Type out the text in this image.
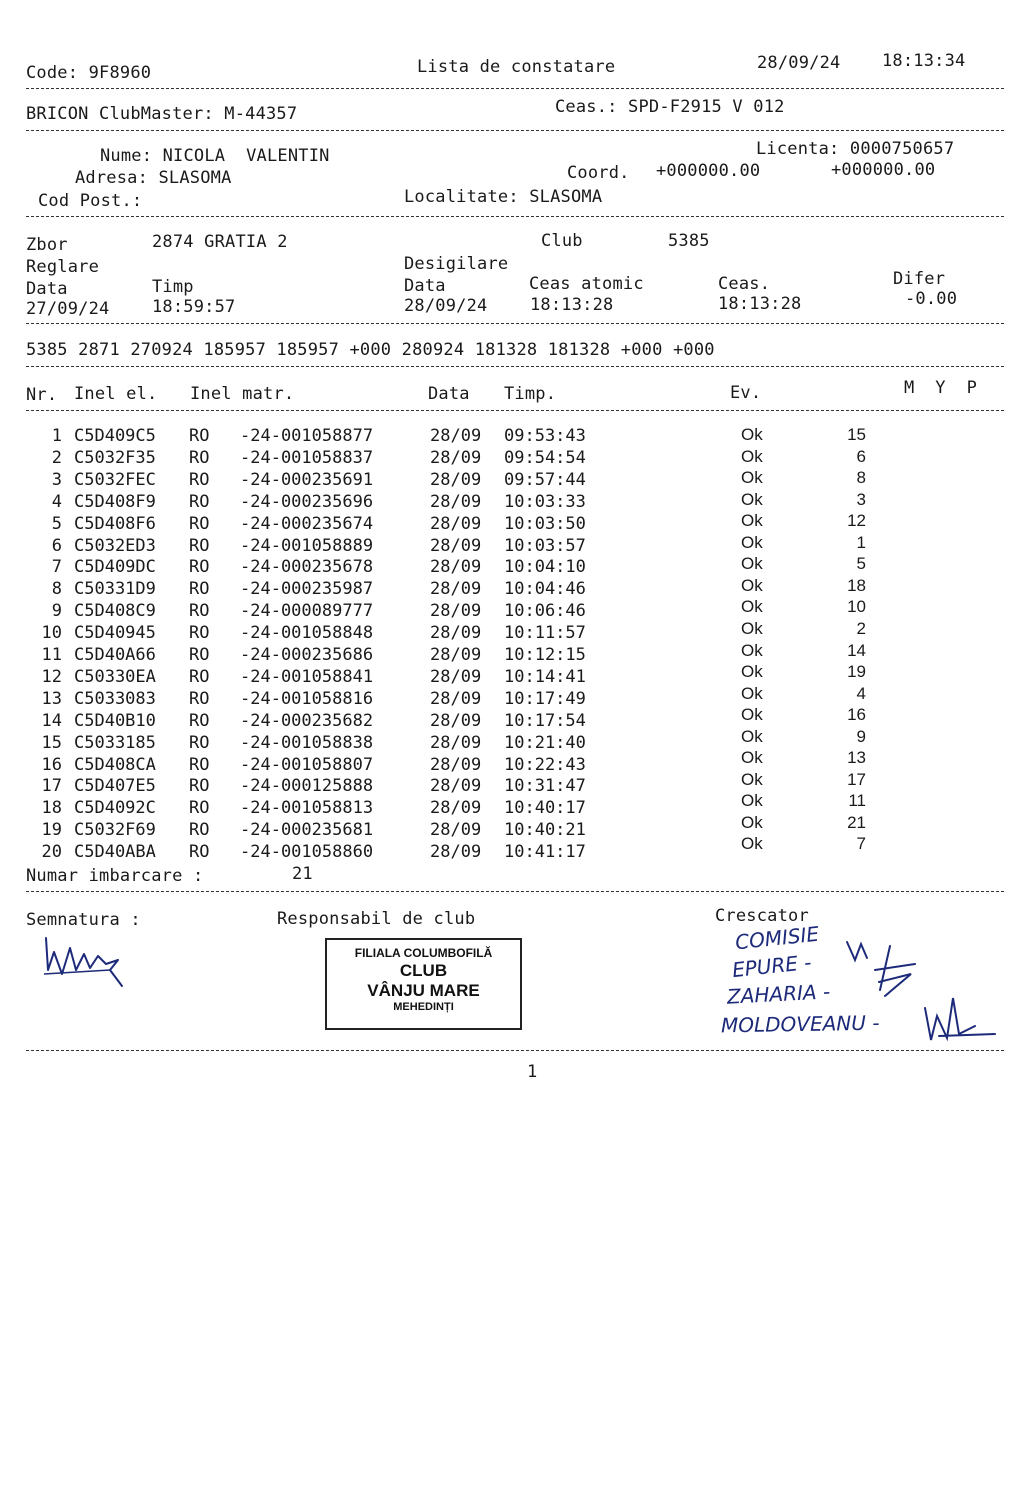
Code: 9F8960	Lista de constatare	28/09/24 18:13:34
BRICON ClubMaster: M-44357	Ceas.: SPD-F2915 V 012
Nume: NICOLA  VALENTIN	Licenta: 0000750657
Adresa: SLASOMA	Coord. +000000.00	+000000.00
Cod Post.:	Localitate: SLASOMA
Zbor	2874 GRATIA 2	Club	5385
Reglare	Desigilare
Data	Timp	Data	Ceas atomic	Ceas.	Difer
27/09/24	18:59:57	28/09/24	18:13:28	18:13:28	-0.00
5385 2871 270924 185957 185957 +000 280924 181328 181328 +000 +000
Nr. Inel el. Inel matr.	Data Timp.	Ev.	M  Y  P
1 C5D409C5 RO -24-001058877	28/09 09:53:43	Ok	15
2 C5032F35 RO -24-001058837	28/09 09:54:54	Ok	6
3 C5032FEC RO -24-000235691	28/09 09:57:44	Ok	8
4 C5D408F9 RO -24-000235696	28/09 10:03:33	Ok	3
5 C5D408F6 RO -24-000235674	28/09 10:03:50	Ok	12
6 C5032ED3 RO -24-001058889	28/09 10:03:57	Ok	1
7 C5D409DC RO -24-000235678	28/09 10:04:10	Ok	5
8 C50331D9 RO -24-000235987	28/09 10:04:46	Ok	18
9 C5D408C9 RO -24-000089777	28/09 10:06:46	Ok	10
10 C5D40945 RO -24-001058848	28/09 10:11:57	Ok	2
11 C5D40A66 RO -24-000235686	28/09 10:12:15	Ok	14
12 C50330EA RO -24-001058841	28/09 10:14:41	Ok	19
13 C5033083 RO -24-001058816	28/09 10:17:49	Ok	4
14 C5D40B10 RO -24-000235682	28/09 10:17:54	Ok	16
15 C5033185 RO -24-001058838	28/09 10:21:40	Ok	9
16 C5D408CA RO -24-001058807	28/09 10:22:43	Ok	13
17 C5D407E5 RO -24-000125888	28/09 10:31:47	Ok	17
18 C5D4092C RO -24-001058813	28/09 10:40:17	Ok	11
19 C5032F69 RO -24-000235681	28/09 10:40:21	Ok	21
20 C5D40ABA RO -24-001058860	28/09 10:41:17	Ok	7
Numar imbarcare :	21
Semnatura :	Responsabil de club	Crescator
FILIALA COLUMBOFILĂ
CLUB
VÂNJU MARE
MEHEDINȚI
COMISIE
EPURE -
ZAHARIA -
MOLDOVEANU -
1
